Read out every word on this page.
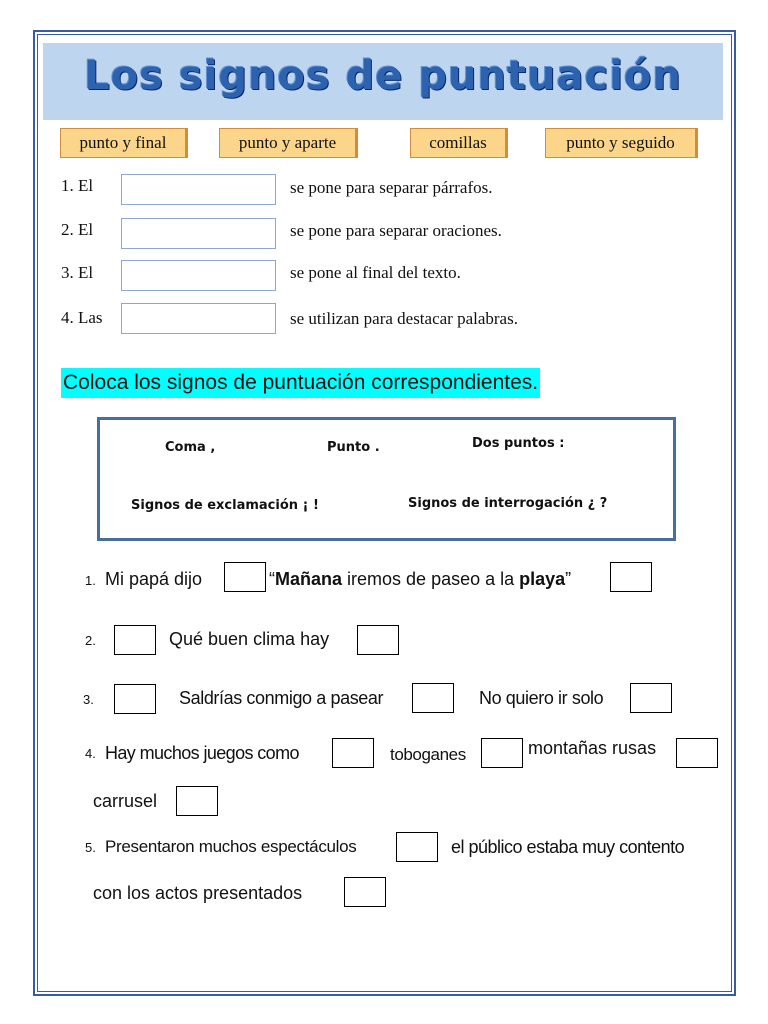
Los signos de puntuación
punto y final	punto y aparte	comillas	punto y seguido
1. El	se pone para separar párrafos.
2. El	se pone para separar oraciones.
3. El	se pone al final del texto.
4. Las	se utilizan para destacar palabras.
Coloca los signos de puntuación correspondientes.
Coma ,	Punto .	Dos puntos :
Signos de exclamación ¡ !	Signos de interrogación ¿ ?
1. Mi papá dijo	“Mañana iremos de paseo a la playa”
2.	Qué buen clima hay
3.	Saldrías conmigo a pasear	No quiero ir solo
4. Hay muchos juegos como	toboganes	montañas rusas
carrusel
5. Presentaron muchos espectáculos	el público estaba muy contento
con los actos presentados
